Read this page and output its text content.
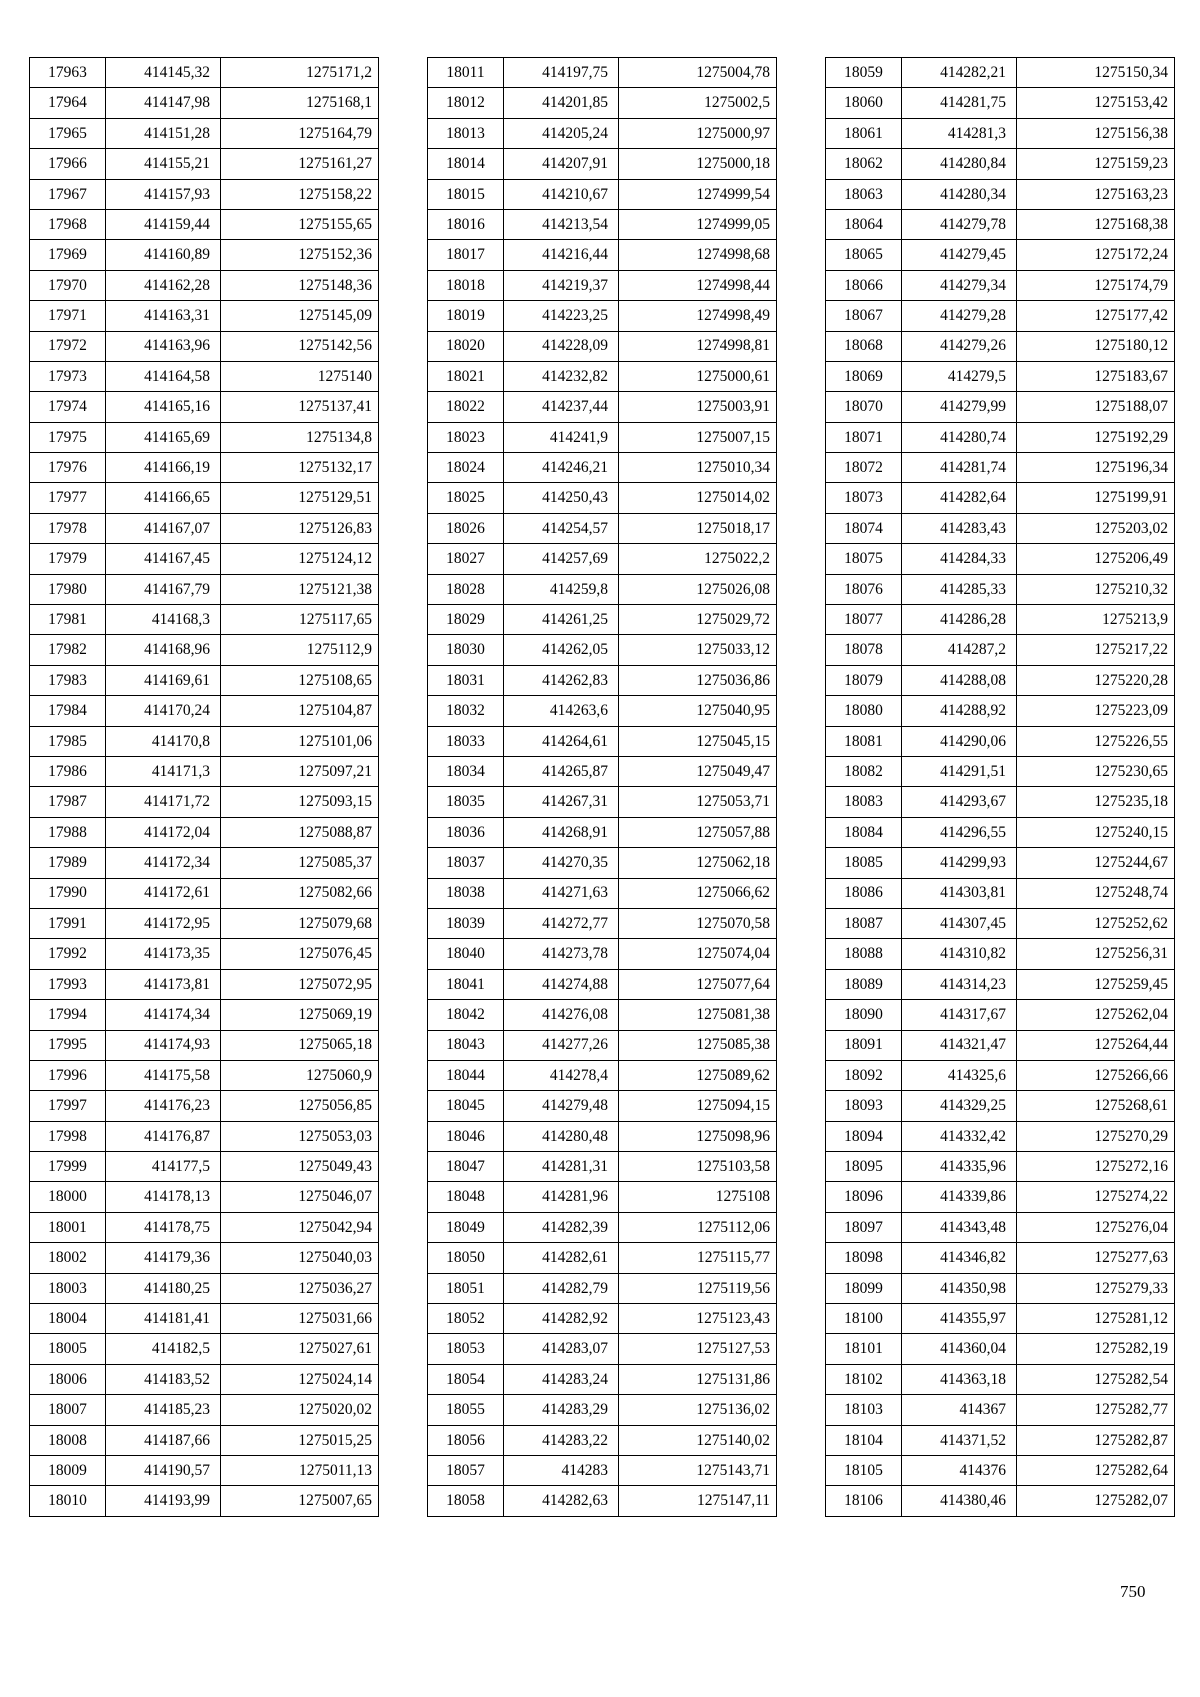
17963	414145,32	1275171,2
17964	414147,98	1275168,1
17965	414151,28	1275164,79
17966	414155,21	1275161,27
17967	414157,93	1275158,22
17968	414159,44	1275155,65
17969	414160,89	1275152,36
17970	414162,28	1275148,36
17971	414163,31	1275145,09
17972	414163,96	1275142,56
17973	414164,58	1275140
17974	414165,16	1275137,41
17975	414165,69	1275134,8
17976	414166,19	1275132,17
17977	414166,65	1275129,51
17978	414167,07	1275126,83
17979	414167,45	1275124,12
17980	414167,79	1275121,38
17981	414168,3	1275117,65
17982	414168,96	1275112,9
17983	414169,61	1275108,65
17984	414170,24	1275104,87
17985	414170,8	1275101,06
17986	414171,3	1275097,21
17987	414171,72	1275093,15
17988	414172,04	1275088,87
17989	414172,34	1275085,37
17990	414172,61	1275082,66
17991	414172,95	1275079,68
17992	414173,35	1275076,45
17993	414173,81	1275072,95
17994	414174,34	1275069,19
17995	414174,93	1275065,18
17996	414175,58	1275060,9
17997	414176,23	1275056,85
17998	414176,87	1275053,03
17999	414177,5	1275049,43
18000	414178,13	1275046,07
18001	414178,75	1275042,94
18002	414179,36	1275040,03
18003	414180,25	1275036,27
18004	414181,41	1275031,66
18005	414182,5	1275027,61
18006	414183,52	1275024,14
18007	414185,23	1275020,02
18008	414187,66	1275015,25
18009	414190,57	1275011,13
18010	414193,99	1275007,65
18011	414197,75	1275004,78
18012	414201,85	1275002,5
18013	414205,24	1275000,97
18014	414207,91	1275000,18
18015	414210,67	1274999,54
18016	414213,54	1274999,05
18017	414216,44	1274998,68
18018	414219,37	1274998,44
18019	414223,25	1274998,49
18020	414228,09	1274998,81
18021	414232,82	1275000,61
18022	414237,44	1275003,91
18023	414241,9	1275007,15
18024	414246,21	1275010,34
18025	414250,43	1275014,02
18026	414254,57	1275018,17
18027	414257,69	1275022,2
18028	414259,8	1275026,08
18029	414261,25	1275029,72
18030	414262,05	1275033,12
18031	414262,83	1275036,86
18032	414263,6	1275040,95
18033	414264,61	1275045,15
18034	414265,87	1275049,47
18035	414267,31	1275053,71
18036	414268,91	1275057,88
18037	414270,35	1275062,18
18038	414271,63	1275066,62
18039	414272,77	1275070,58
18040	414273,78	1275074,04
18041	414274,88	1275077,64
18042	414276,08	1275081,38
18043	414277,26	1275085,38
18044	414278,4	1275089,62
18045	414279,48	1275094,15
18046	414280,48	1275098,96
18047	414281,31	1275103,58
18048	414281,96	1275108
18049	414282,39	1275112,06
18050	414282,61	1275115,77
18051	414282,79	1275119,56
18052	414282,92	1275123,43
18053	414283,07	1275127,53
18054	414283,24	1275131,86
18055	414283,29	1275136,02
18056	414283,22	1275140,02
18057	414283	1275143,71
18058	414282,63	1275147,11
18059	414282,21	1275150,34
18060	414281,75	1275153,42
18061	414281,3	1275156,38
18062	414280,84	1275159,23
18063	414280,34	1275163,23
18064	414279,78	1275168,38
18065	414279,45	1275172,24
18066	414279,34	1275174,79
18067	414279,28	1275177,42
18068	414279,26	1275180,12
18069	414279,5	1275183,67
18070	414279,99	1275188,07
18071	414280,74	1275192,29
18072	414281,74	1275196,34
18073	414282,64	1275199,91
18074	414283,43	1275203,02
18075	414284,33	1275206,49
18076	414285,33	1275210,32
18077	414286,28	1275213,9
18078	414287,2	1275217,22
18079	414288,08	1275220,28
18080	414288,92	1275223,09
18081	414290,06	1275226,55
18082	414291,51	1275230,65
18083	414293,67	1275235,18
18084	414296,55	1275240,15
18085	414299,93	1275244,67
18086	414303,81	1275248,74
18087	414307,45	1275252,62
18088	414310,82	1275256,31
18089	414314,23	1275259,45
18090	414317,67	1275262,04
18091	414321,47	1275264,44
18092	414325,6	1275266,66
18093	414329,25	1275268,61
18094	414332,42	1275270,29
18095	414335,96	1275272,16
18096	414339,86	1275274,22
18097	414343,48	1275276,04
18098	414346,82	1275277,63
18099	414350,98	1275279,33
18100	414355,97	1275281,12
18101	414360,04	1275282,19
18102	414363,18	1275282,54
18103	414367	1275282,77
18104	414371,52	1275282,87
18105	414376	1275282,64
18106	414380,46	1275282,07
750
